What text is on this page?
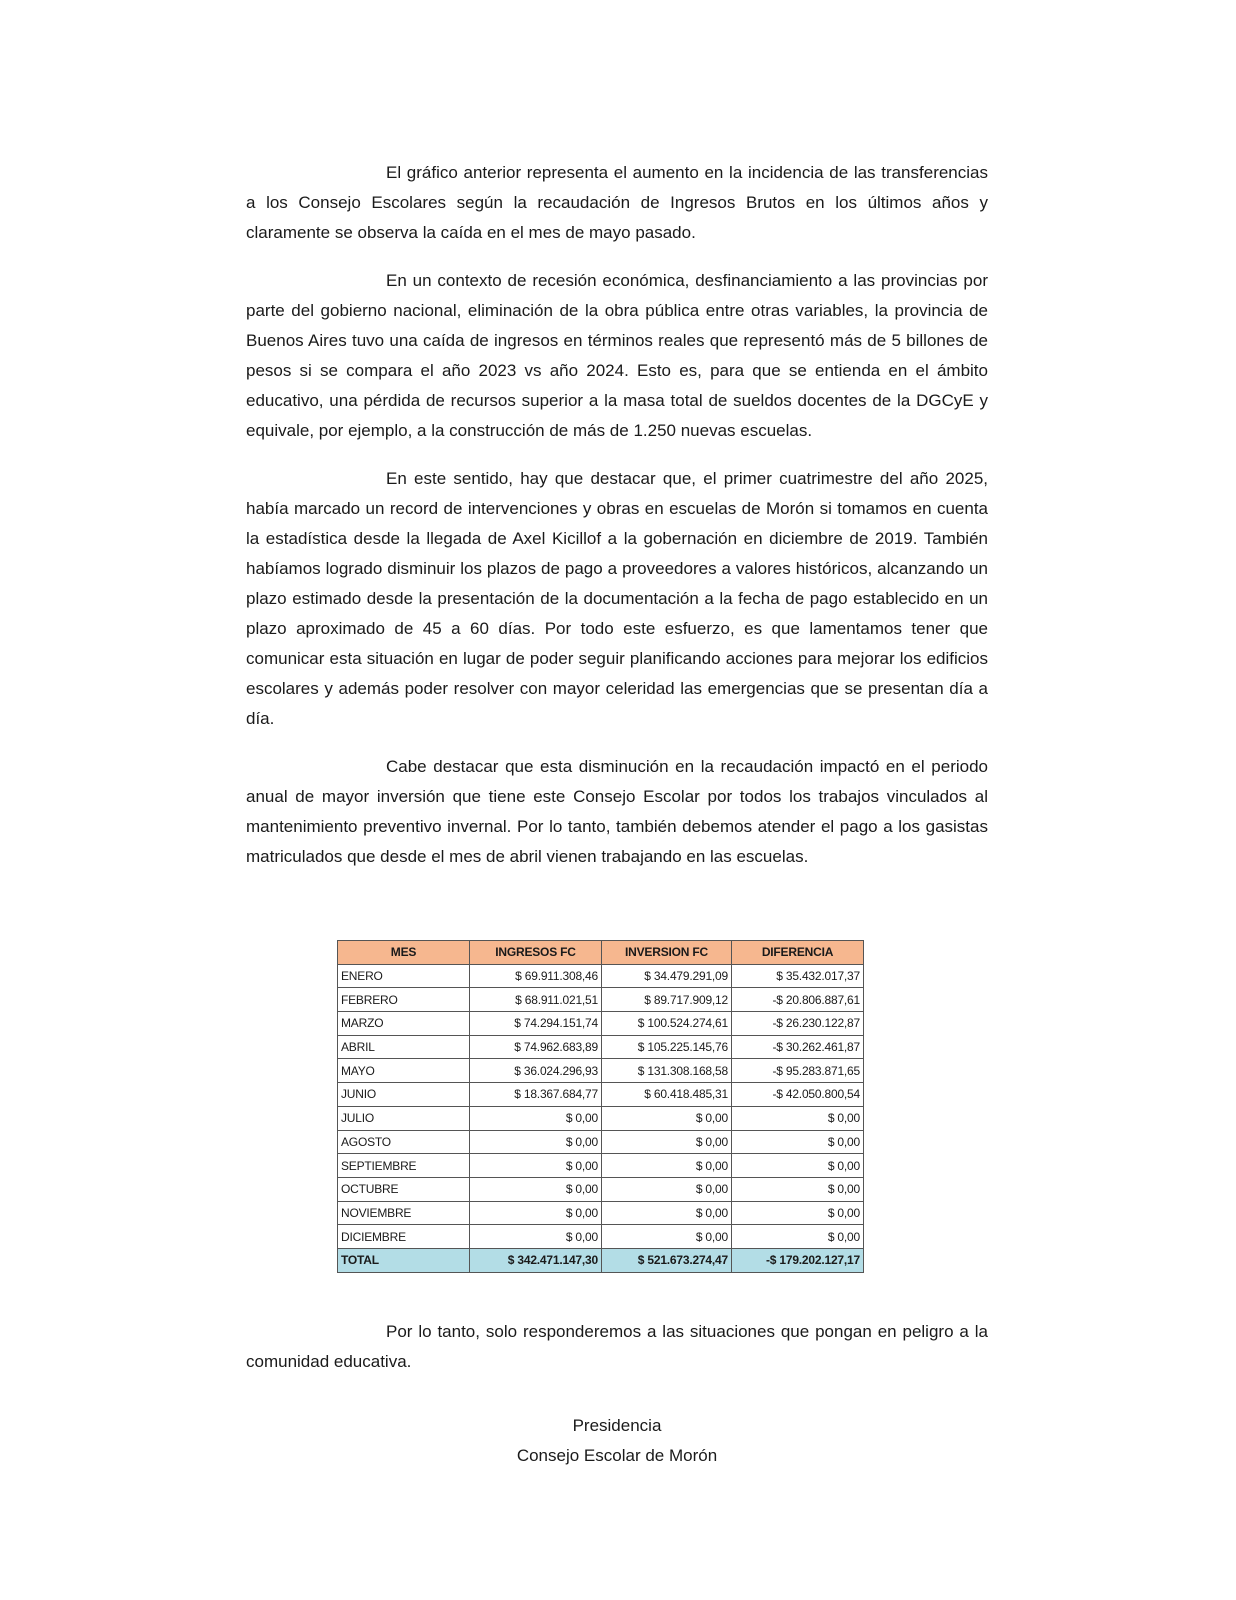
El gráfico anterior representa el aumento en la incidencia de las transferencias a los Consejo Escolares según la recaudación de Ingresos Brutos en los últimos años y claramente se observa la caída en el mes de mayo pasado.

En un contexto de recesión económica, desfinanciamiento a las provincias por parte del gobierno nacional, eliminación de la obra pública entre otras variables, la provincia de Buenos Aires tuvo una caída de ingresos en términos reales que representó más de 5 billones de pesos si se compara el año 2023 vs año 2024. Esto es, para que se entienda en el ámbito educativo, una pérdida de recursos superior a la masa total de sueldos docentes de la DGCyE y equivale, por ejemplo, a la construcción de más de 1.250 nuevas escuelas.

En este sentido, hay que destacar que, el primer cuatrimestre del año 2025, había marcado un record de intervenciones y obras en escuelas de Morón si tomamos en cuenta la estadística desde la llegada de Axel Kicillof a la gobernación en diciembre de 2019. También habíamos logrado disminuir los plazos de pago a proveedores a valores históricos, alcanzando un plazo estimado desde la presentación de la documentación a la fecha de pago establecido en un plazo aproximado de 45 a 60 días. Por todo este esfuerzo, es que lamentamos tener que comunicar esta situación en lugar de poder seguir planificando acciones para mejorar los edificios escolares y además poder resolver con mayor celeridad las emergencias que se presentan día a día.

Cabe destacar que esta disminución en la recaudación impactó en el periodo anual de mayor inversión que tiene este Consejo Escolar por todos los trabajos vinculados al mantenimiento preventivo invernal. Por lo tanto, también debemos atender el pago a los gasistas matriculados que desde el mes de abril vienen trabajando en las escuelas.

MES	INGRESOS FC	INVERSION FC	DIFERENCIA
ENERO	$ 69.911.308,46	$ 34.479.291,09	$ 35.432.017,37
FEBRERO	$ 68.911.021,51	$ 89.717.909,12	-$ 20.806.887,61
MARZO	$ 74.294.151,74	$ 100.524.274,61	-$ 26.230.122,87
ABRIL	$ 74.962.683,89	$ 105.225.145,76	-$ 30.262.461,87
MAYO	$ 36.024.296,93	$ 131.308.168,58	-$ 95.283.871,65
JUNIO	$ 18.367.684,77	$ 60.418.485,31	-$ 42.050.800,54
JULIO	$ 0,00	$ 0,00	$ 0,00
AGOSTO	$ 0,00	$ 0,00	$ 0,00
SEPTIEMBRE	$ 0,00	$ 0,00	$ 0,00
OCTUBRE	$ 0,00	$ 0,00	$ 0,00
NOVIEMBRE	$ 0,00	$ 0,00	$ 0,00
DICIEMBRE	$ 0,00	$ 0,00	$ 0,00
TOTAL	$ 342.471.147,30	$ 521.673.274,47	-$ 179.202.127,17

Por lo tanto, solo responderemos a las situaciones que pongan en peligro a la comunidad educativa.

Presidencia
Consejo Escolar de Morón
